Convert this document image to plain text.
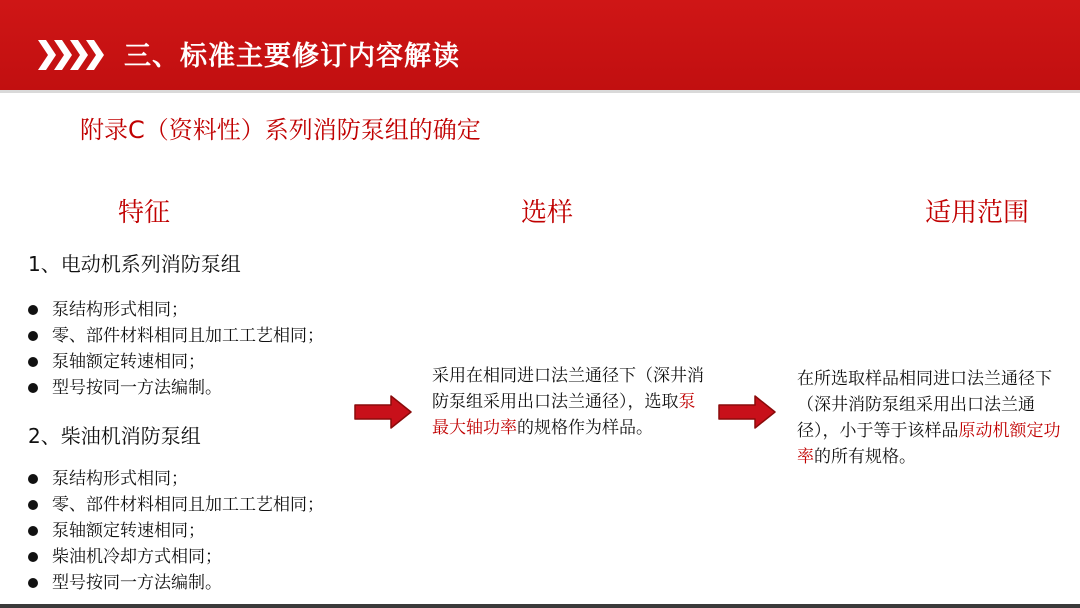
三、标准主要修订内容解读
附录C（资料性）系列消防泵组的确定
特征	选样	适用范围
1、电动机系列消防泵组
泵结构形式相同；
零、部件材料相同且加工工艺相同；
泵轴额定转速相同；
型号按同一方法编制。
2、柴油机消防泵组
泵结构形式相同；
零、部件材料相同且加工工艺相同；
泵轴额定转速相同；
柴油机冷却方式相同；
型号按同一方法编制。
采用在相同进口法兰通径下（深井消防泵组采用出口法兰通径），选取泵最大轴功率的规格作为样品。
在所选取样品相同进口法兰通径下（深井消防泵组采用出口法兰通径），小于等于该样品原动机额定功率的所有规格。
